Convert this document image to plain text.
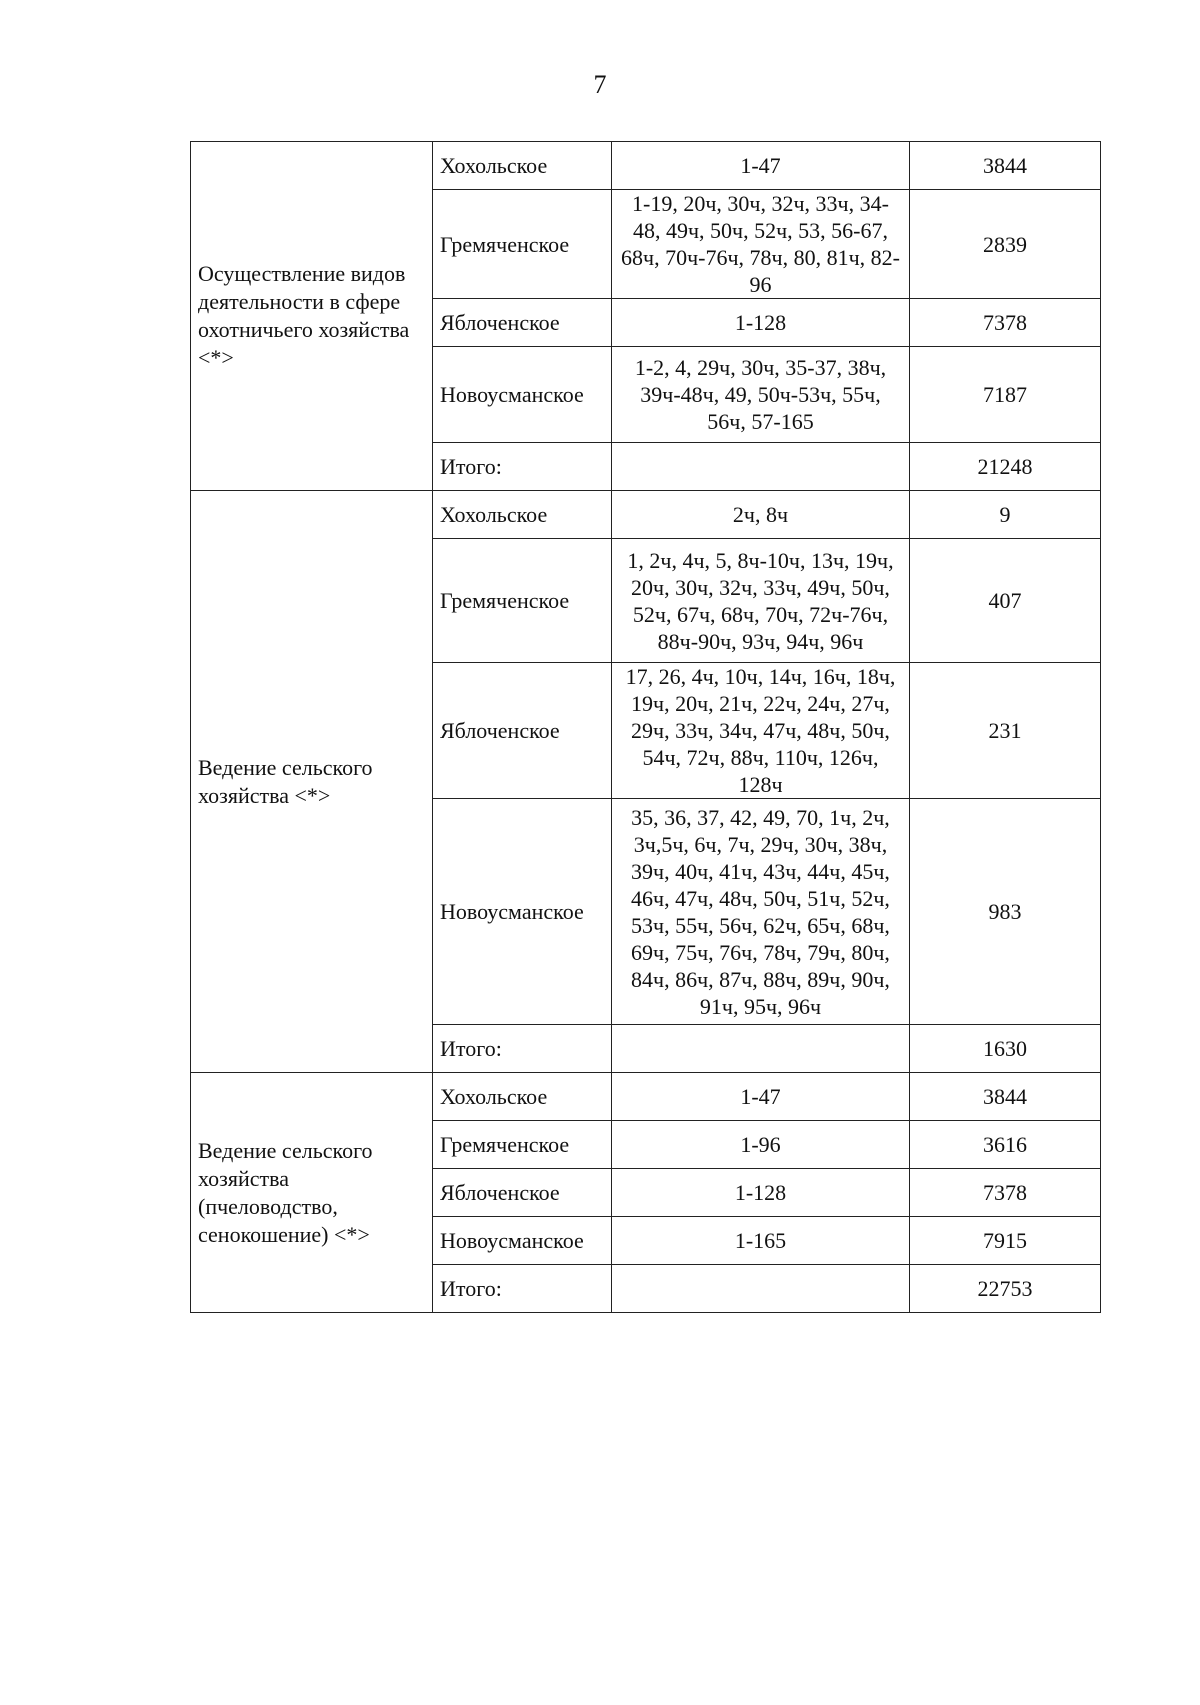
7
Осуществление видов деятельности в сфере охотничьего хозяйства <*>	Хохольское	1-47	3844
	Гремяченское	1-19, 20ч, 30ч, 32ч, 33ч, 34-48, 49ч, 50ч, 52ч, 53, 56-67, 68ч, 70ч-76ч, 78ч, 80, 81ч, 82-96	2839
	Яблоченское	1-128	7378
	Новоусманское	1-2, 4, 29ч, 30ч, 35-37, 38ч, 39ч-48ч, 49, 50ч-53ч, 55ч, 56ч, 57-165	7187
	Итого:		21248
Ведение сельского хозяйства <*>	Хохольское	2ч, 8ч	9
	Гремяченское	1, 2ч, 4ч, 5, 8ч-10ч, 13ч, 19ч, 20ч, 30ч, 32ч, 33ч, 49ч, 50ч, 52ч, 67ч, 68ч, 70ч, 72ч-76ч, 88ч-90ч, 93ч, 94ч, 96ч	407
	Яблоченское	17, 26, 4ч, 10ч, 14ч, 16ч, 18ч, 19ч, 20ч, 21ч, 22ч, 24ч, 27ч, 29ч, 33ч, 34ч, 47ч, 48ч, 50ч, 54ч, 72ч, 88ч, 110ч, 126ч, 128ч	231
	Новоусманское	35, 36, 37, 42, 49, 70, 1ч, 2ч, 3ч,5ч, 6ч, 7ч, 29ч, 30ч, 38ч, 39ч, 40ч, 41ч, 43ч, 44ч, 45ч, 46ч, 47ч, 48ч, 50ч, 51ч, 52ч, 53ч, 55ч, 56ч, 62ч, 65ч, 68ч, 69ч, 75ч, 76ч, 78ч, 79ч, 80ч, 84ч, 86ч, 87ч, 88ч, 89ч, 90ч, 91ч, 95ч, 96ч	983
	Итого:		1630
Ведение сельского хозяйства (пчеловодство, сенокошение) <*>	Хохольское	1-47	3844
	Гремяченское	1-96	3616
	Яблоченское	1-128	7378
	Новоусманское	1-165	7915
	Итого:		22753
